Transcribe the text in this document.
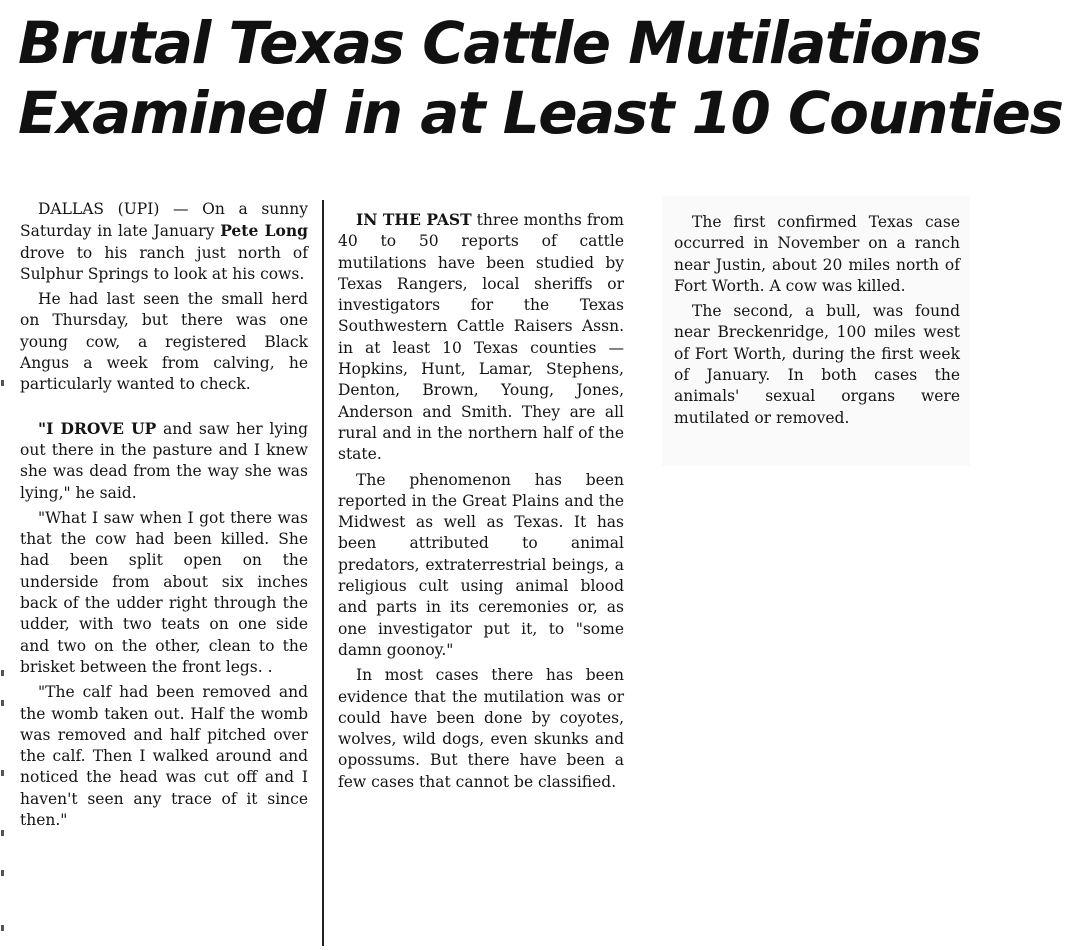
Brutal Texas Cattle Mutilations
Examined in at Least 10 Counties

DALLAS (UPI) — On a sunny Saturday in late January Pete Long drove to his ranch just north of Sulphur Springs to look at his cows.

He had last seen the small herd on Thursday, but there was one young cow, a registered Black Angus a week from calving, he particularly wanted to check.

"I DROVE UP and saw her lying out there in the pasture and I knew she was dead from the way she was lying," he said.

"What I saw when I got there was that the cow had been killed. She had been split open on the underside from about six inches back of the udder right through the udder, with two teats on one side and two on the other, clean to the brisket between the front legs. .

"The calf had been removed and the womb taken out. Half the womb was removed and half pitched over the calf. Then I walked around and noticed the head was cut off and I haven't seen any trace of it since then."

IN THE PAST three months from 40 to 50 reports of cattle mutilations have been studied by Texas Rangers, local sheriffs or investigators for the Texas Southwestern Cattle Raisers Assn. in at least 10 Texas counties —Hopkins, Hunt, Lamar, Stephens, Denton, Brown, Young, Jones, Anderson and Smith. They are all rural and in the northern half of the state.

The phenomenon has been reported in the Great Plains and the Midwest as well as Texas. It has been attributed to animal predators, extraterrestrial beings, a religious cult using animal blood and parts in its ceremonies or, as one investigator put it, to "some damn goonoy."

In most cases there has been evidence that the mutilation was or could have been done by coyotes, wolves, wild dogs, even skunks and opossums. But there have been a few cases that cannot be classified.

The first confirmed Texas case occurred in November on a ranch near Justin, about 20 miles north of Fort Worth. A cow was killed.

The second, a bull, was found near Breckenridge, 100 miles west of Fort Worth, during the first week of January. In both cases the animals' sexual organs were mutilated or removed.
